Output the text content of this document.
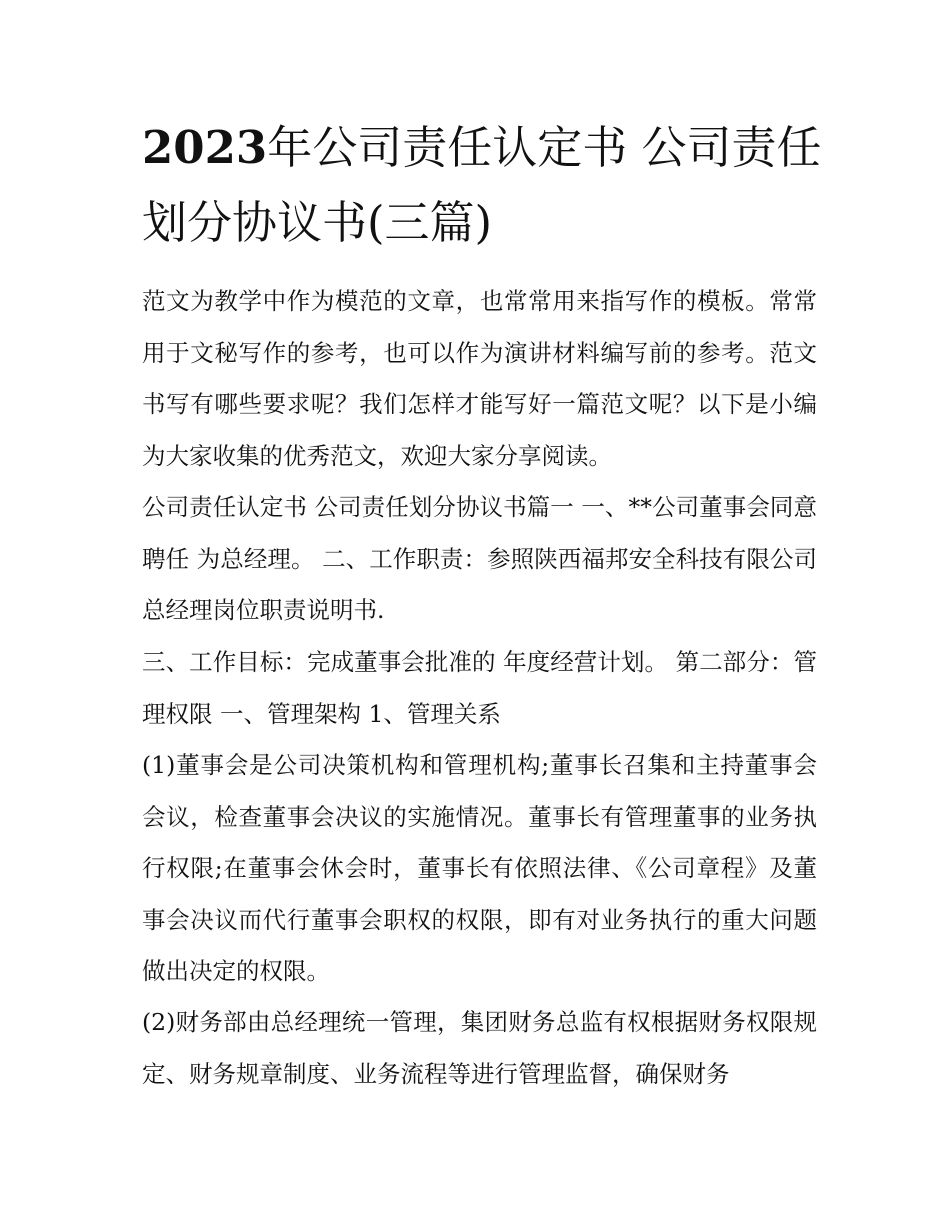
2023年公司责任认定书 公司责任划分协议书(三篇)

范文为教学中作为模范的文章，也常常用来指写作的模板。常常用于文秘写作的参考，也可以作为演讲材料编写前的参考。范文书写有哪些要求呢？我们怎样才能写好一篇范文呢？以下是小编为大家收集的优秀范文，欢迎大家分享阅读。

公司责任认定书 公司责任划分协议书篇一 一、**公司董事会同意聘任 为总经理。 二、工作职责：参照陕西福邦安全科技有限公司总经理岗位职责说明书.

三、工作目标：完成董事会批准的 年度经营计划。 第二部分：管理权限 一、管理架构 1、管理关系

(1)董事会是公司决策机构和管理机构;董事长召集和主持董事会会议，检查董事会决议的实施情况。董事长有管理董事的业务执行权限;在董事会休会时，董事长有依照法律、《公司章程》及董事会决议而代行董事会职权的权限，即有对业务执行的重大问题做出决定的权限。

(2)财务部由总经理统一管理，集团财务总监有权根据财务权限规定、财务规章制度、业务流程等进行管理监督，确保财务
